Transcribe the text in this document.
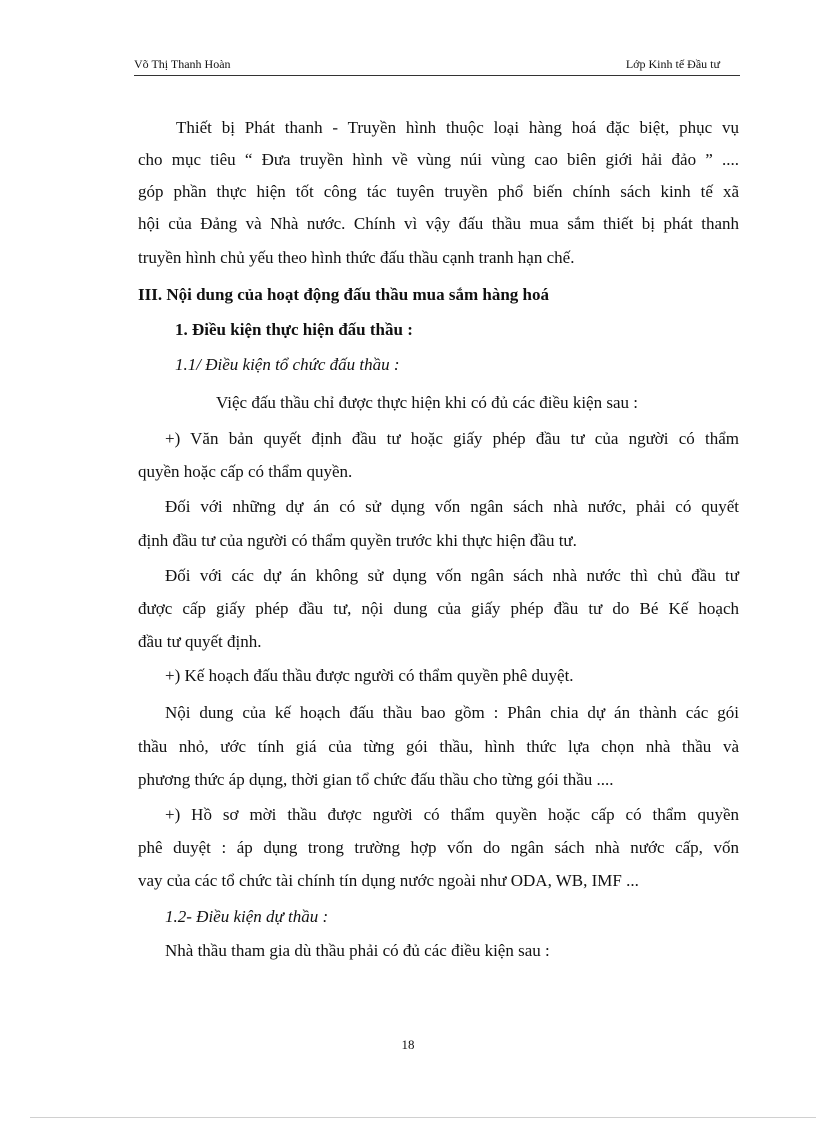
Võ Thị Thanh Hoàn	Lớp Kinh tế Đầu tư
Thiết bị Phát thanh - Truyền hình thuộc loại hàng hoá đặc biệt, phục vụ
cho mục tiêu “ Đưa truyền hình về vùng núi vùng cao biên giới hải đảo ” ....
góp phần thực hiện tốt công tác tuyên truyền phổ biến chính sách kinh tế xã
hội của Đảng và Nhà nước. Chính vì vậy đấu thầu mua sắm thiết bị phát thanh
truyền hình chủ yếu theo hình thức đấu thầu cạnh tranh hạn chế.
III. Nội dung của hoạt động đấu thầu mua sắm hàng hoá
1. Điều kiện thực hiện đấu thầu :
1.1/ Điều kiện tổ chức đấu thầu :
Việc đấu thầu chỉ được thực hiện khi có đủ các điều kiện sau :
+) Văn bản quyết định đầu tư hoặc giấy phép đầu tư của người có thẩm
quyền hoặc cấp có thẩm quyền.
Đối với những dự án có sử dụng vốn ngân sách nhà nước, phải có quyết
định đầu tư của người có thẩm quyền trước khi thực hiện đầu tư.
Đối với các dự án không sử dụng vốn ngân sách nhà nước thì chủ đầu tư
được cấp giấy phép đầu tư, nội dung của giấy phép đầu tư do Bé Kế hoạch
đầu tư quyết định.
+) Kế hoạch đấu thầu được người có thẩm quyền phê duyệt.
Nội dung của kế hoạch đấu thầu bao gồm : Phân chia dự án thành các gói
thầu nhỏ, ước tính giá của từng gói thầu, hình thức lựa chọn nhà thầu và
phương thức áp dụng, thời gian tổ chức đấu thầu cho từng gói thầu ....
+) Hồ sơ mời thầu được người có thẩm quyền hoặc cấp có thẩm quyền
phê duyệt : áp dụng trong trường hợp vốn do ngân sách nhà nước cấp, vốn
vay của các tổ chức tài chính tín dụng nước ngoài như ODA, WB, IMF ...
1.2- Điều kiện dự thầu :
Nhà thầu tham gia dù thầu phải có đủ các điều kiện sau :
18
